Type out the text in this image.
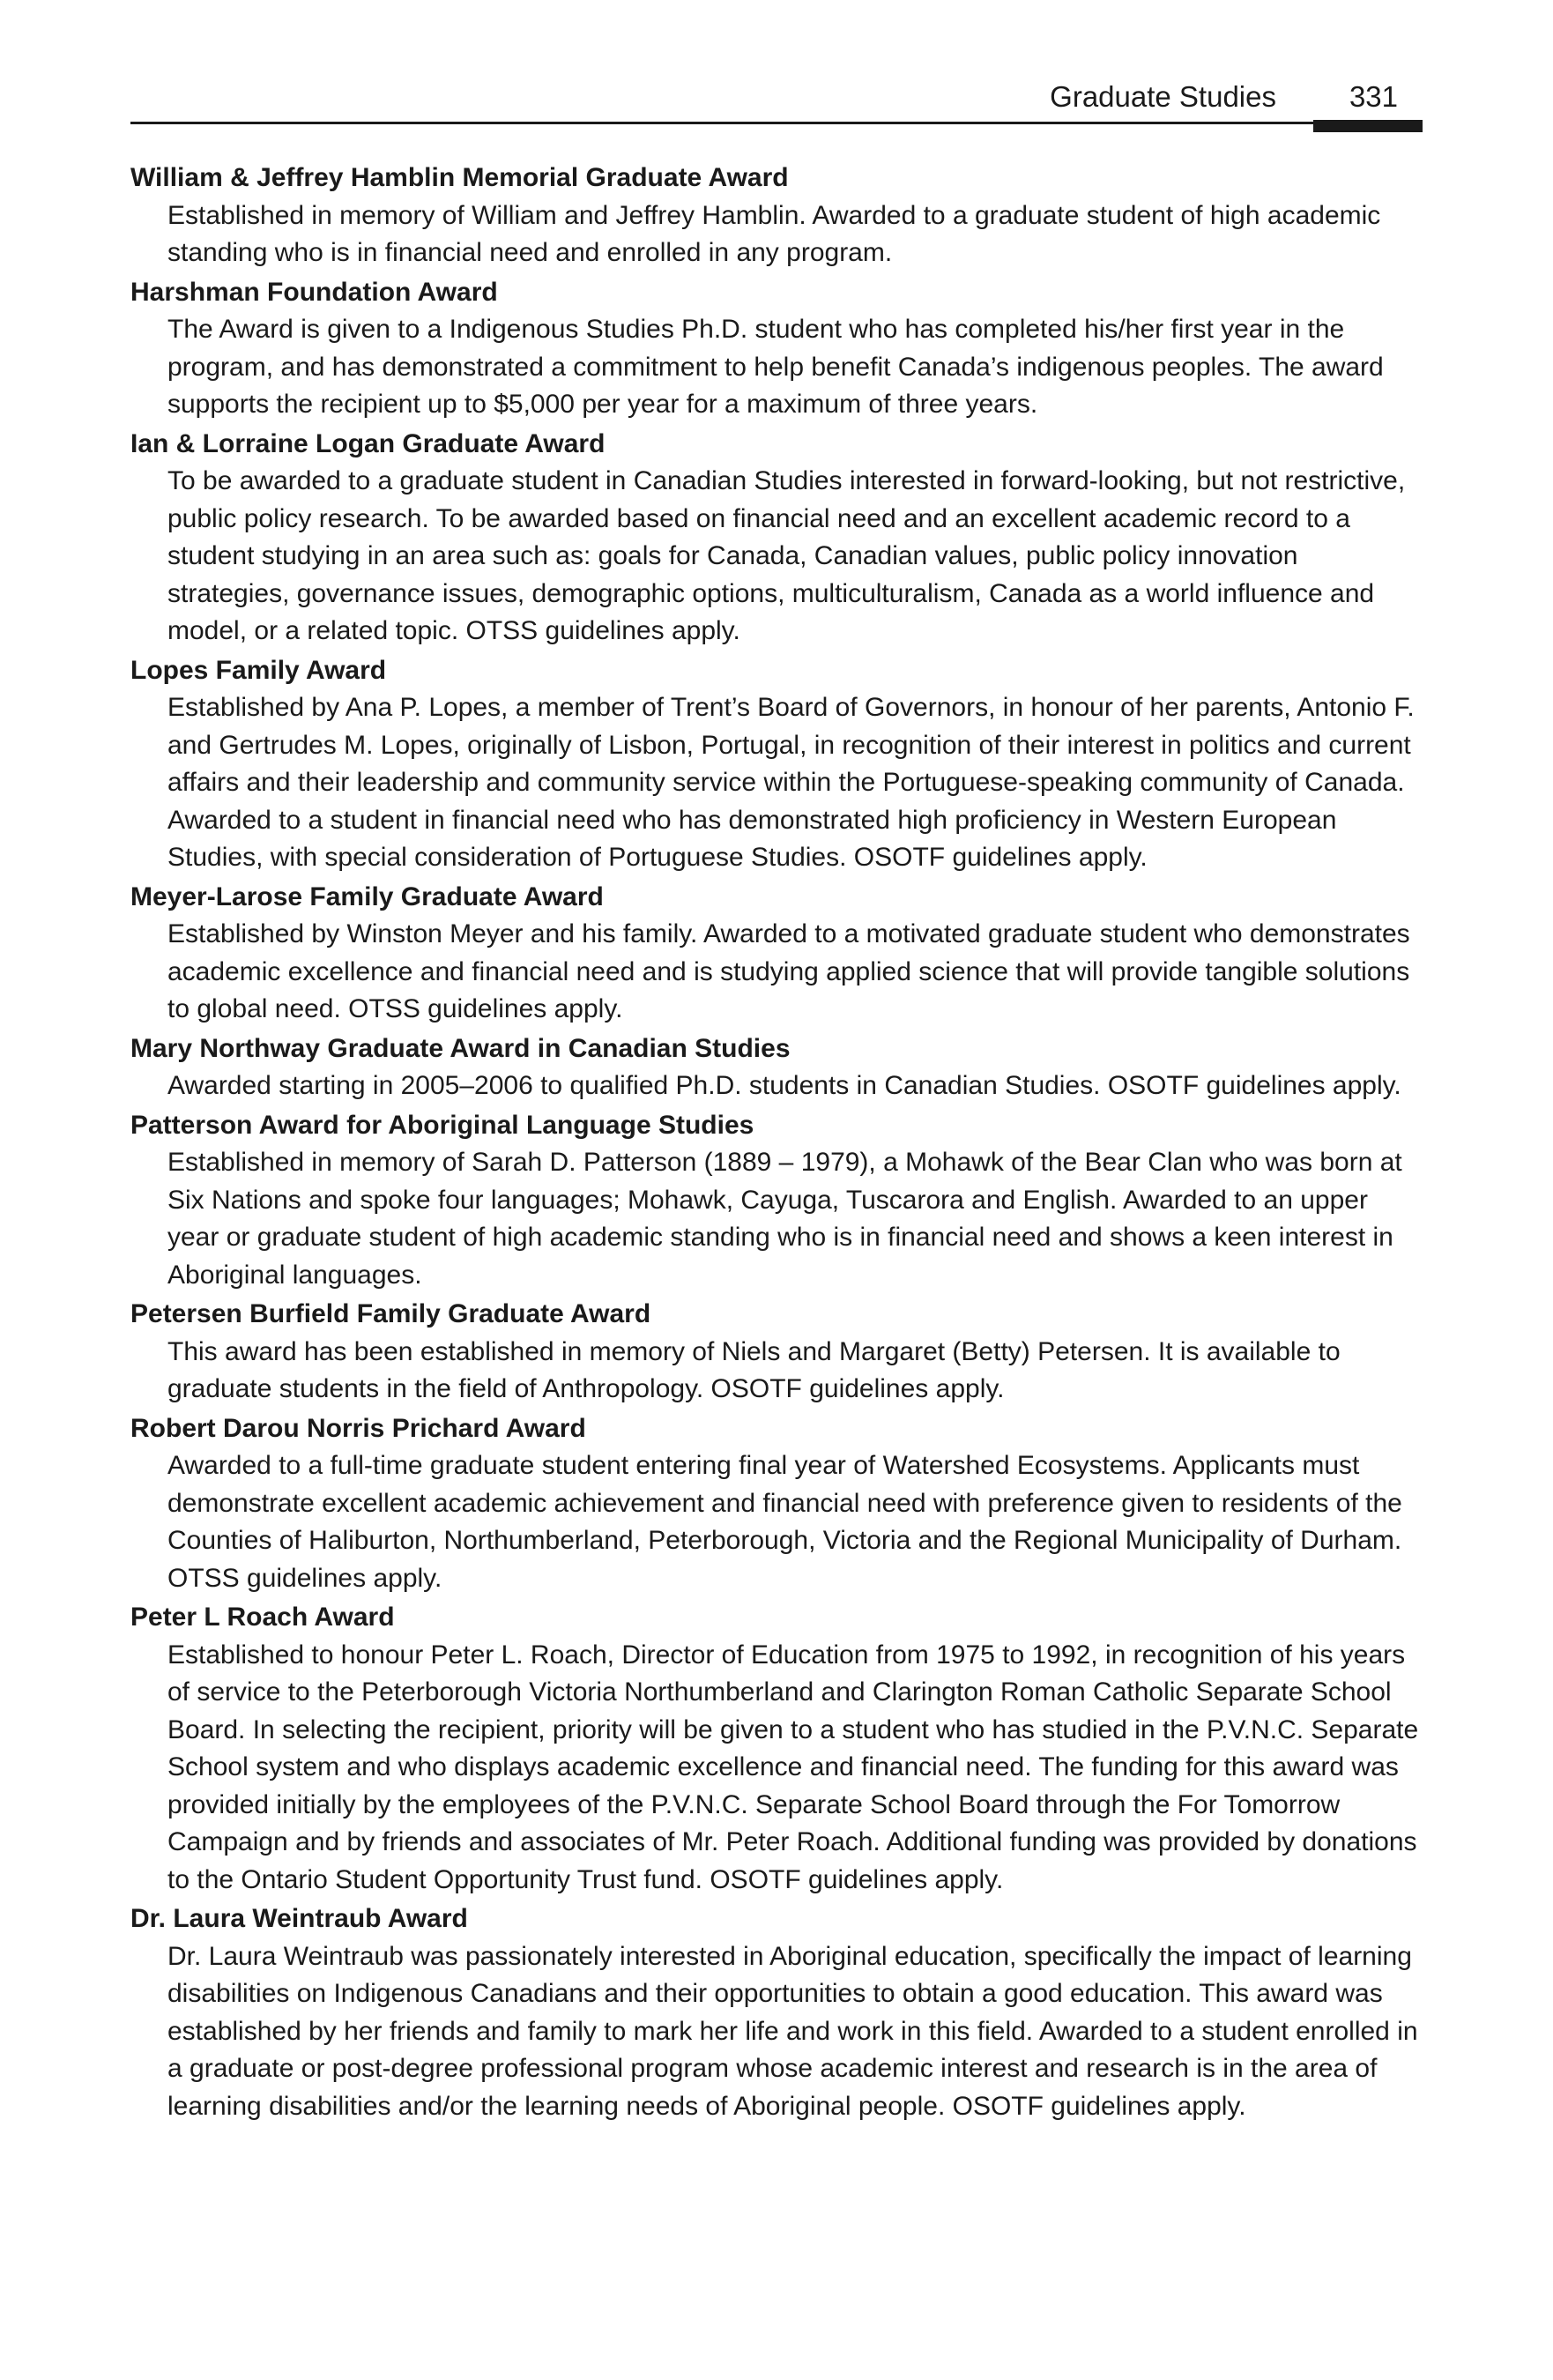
Graduate Studies	331

William & Jeffrey Hamblin Memorial Graduate Award

Established in memory of William and Jeffrey Hamblin. Awarded to a graduate student of high academic standing who is in financial need and enrolled in any program.

Harshman Foundation Award

The Award is given to a Indigenous Studies Ph.D. student who has completed his/her first year in the program, and has demonstrated a commitment to help benefit Canada’s indigenous peoples. The award supports the recipient up to $5,000 per year for a maximum of three years.

Ian & Lorraine Logan Graduate Award

To be awarded to a graduate student in Canadian Studies interested in forward-looking, but not restrictive, public policy research. To be awarded based on financial need and an excellent academic record to a student studying in an area such as: goals for Canada, Canadian values, public policy innovation strategies, governance issues, demographic options, multiculturalism, Canada as a world influence and model, or a related topic. OTSS guidelines apply.

Lopes Family Award

Established by Ana P. Lopes, a member of Trent’s Board of Governors, in honour of her parents, Antonio F. and Gertrudes M. Lopes, originally of Lisbon, Portugal, in recognition of their interest in politics and current affairs and their leadership and community service within the Portuguese-speaking community of Canada. Awarded to a student in financial need who has demonstrated high proficiency in Western European Studies, with special consideration of Portuguese Studies. OSOTF guidelines apply.

Meyer-Larose Family Graduate Award

Established by Winston Meyer and his family. Awarded to a motivated graduate student who demonstrates academic excellence and financial need and is studying applied science that will provide tangible solutions to global need. OTSS guidelines apply.

Mary Northway Graduate Award in Canadian Studies

Awarded starting in 2005–2006 to qualified Ph.D. students in Canadian Studies. OSOTF guidelines apply.

Patterson Award for Aboriginal Language Studies

Established in memory of Sarah D. Patterson (1889 – 1979), a Mohawk of the Bear Clan who was born at Six Nations and spoke four languages; Mohawk, Cayuga, Tuscarora and English. Awarded to an upper year or graduate student of high academic standing who is in financial need and shows a keen interest in Aboriginal languages.

Petersen Burfield Family Graduate Award

This award has been established in memory of Niels and Margaret (Betty) Petersen. It is available to graduate students in the field of Anthropology. OSOTF guidelines apply.

Robert Darou Norris Prichard Award

Awarded to a full-time graduate student entering final year of Watershed Ecosystems. Applicants must demonstrate excellent academic achievement and financial need with preference given to residents of the Counties of Haliburton, Northumberland, Peterborough, Victoria and the Regional Municipality of Durham. OTSS guidelines apply.

Peter L Roach Award

Established to honour Peter L. Roach, Director of Education from 1975 to 1992, in recognition of his years of service to the Peterborough Victoria Northumberland and Clarington Roman Catholic Separate School Board. In selecting the recipient, priority will be given to a student who has studied in the P.V.N.C. Separate School system and who displays academic excellence and financial need. The funding for this award was provided initially by the employees of the P.V.N.C. Separate School Board through the For Tomorrow Campaign and by friends and associates of Mr. Peter Roach. Additional funding was provided by donations to the Ontario Student Opportunity Trust fund. OSOTF guidelines apply.

Dr. Laura Weintraub Award

Dr. Laura Weintraub was passionately interested in Aboriginal education, specifically the impact of learning disabilities on Indigenous Canadians and their opportunities to obtain a good education. This award was established by her friends and family to mark her life and work in this field. Awarded to a student enrolled in a graduate or post-degree professional program whose academic interest and research is in the area of learning disabilities and/or the learning needs of Aboriginal people. OSOTF guidelines apply.
